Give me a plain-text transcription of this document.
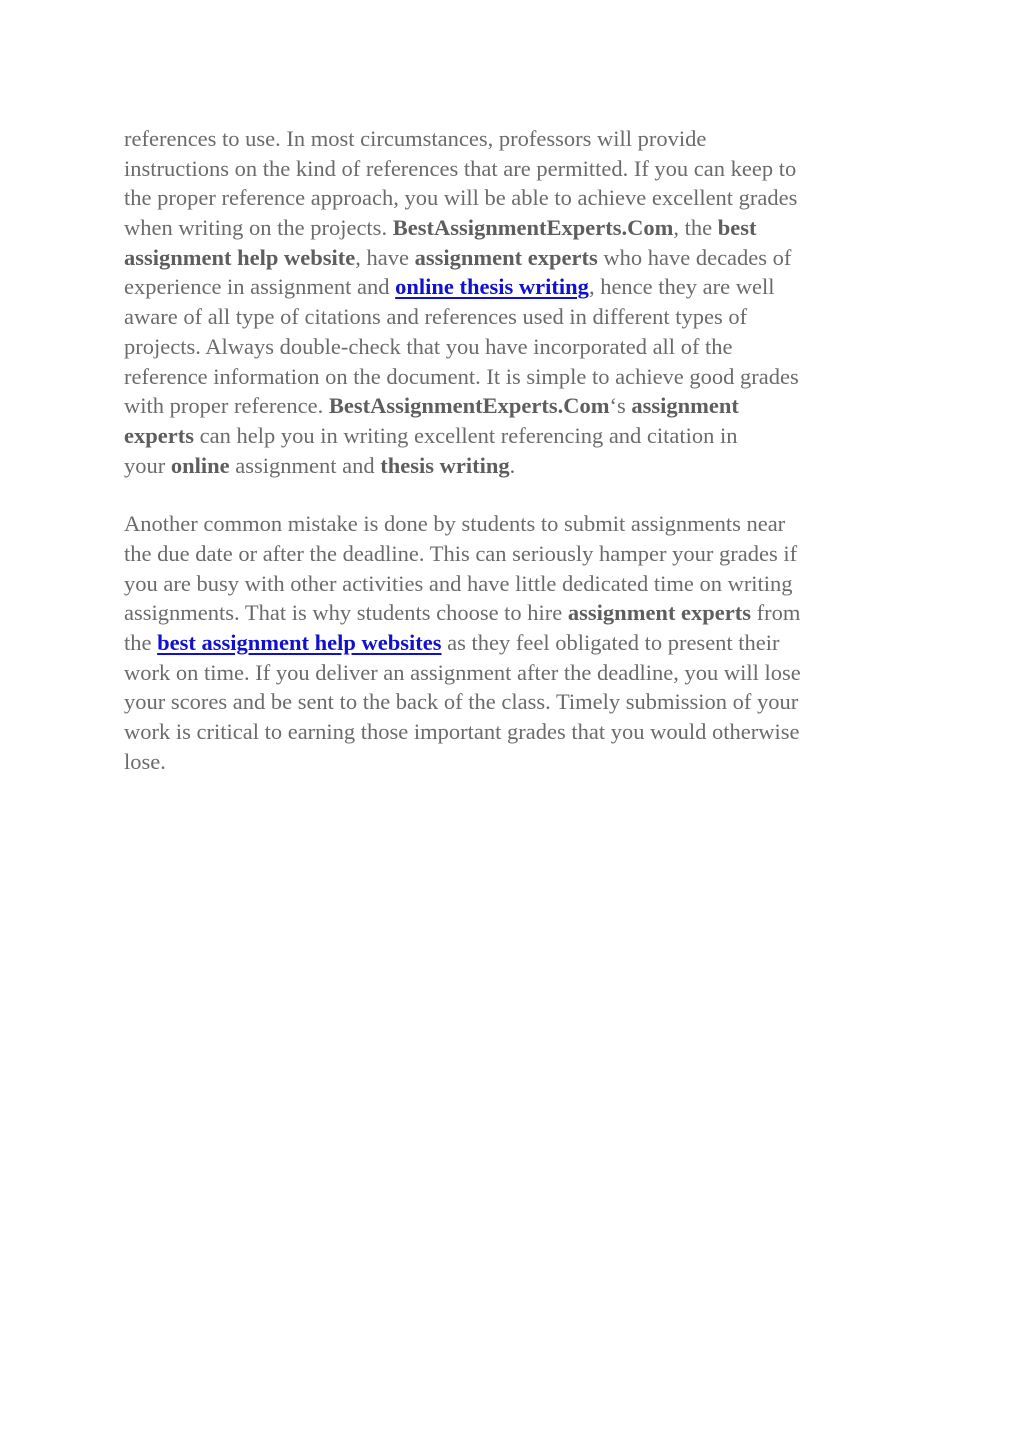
references to use. In most circumstances, professors will provide
instructions on the kind of references that are permitted. If you can keep to
the proper reference approach, you will be able to achieve excellent grades
when writing on the projects. BestAssignmentExperts.Com, the best
assignment help website, have assignment experts who have decades of
experience in assignment and online thesis writing, hence they are well
aware of all type of citations and references used in different types of
projects. Always double-check that you have incorporated all of the
reference information on the document. It is simple to achieve good grades
with proper reference. BestAssignmentExperts.Com‘s assignment
experts can help you in writing excellent referencing and citation in
your online assignment and thesis writing.
Another common mistake is done by students to submit assignments near
the due date or after the deadline. This can seriously hamper your grades if
you are busy with other activities and have little dedicated time on writing
assignments. That is why students choose to hire assignment experts from
the best assignment help websites as they feel obligated to present their
work on time. If you deliver an assignment after the deadline, you will lose
your scores and be sent to the back of the class. Timely submission of your
work is critical to earning those important grades that you would otherwise
lose.
